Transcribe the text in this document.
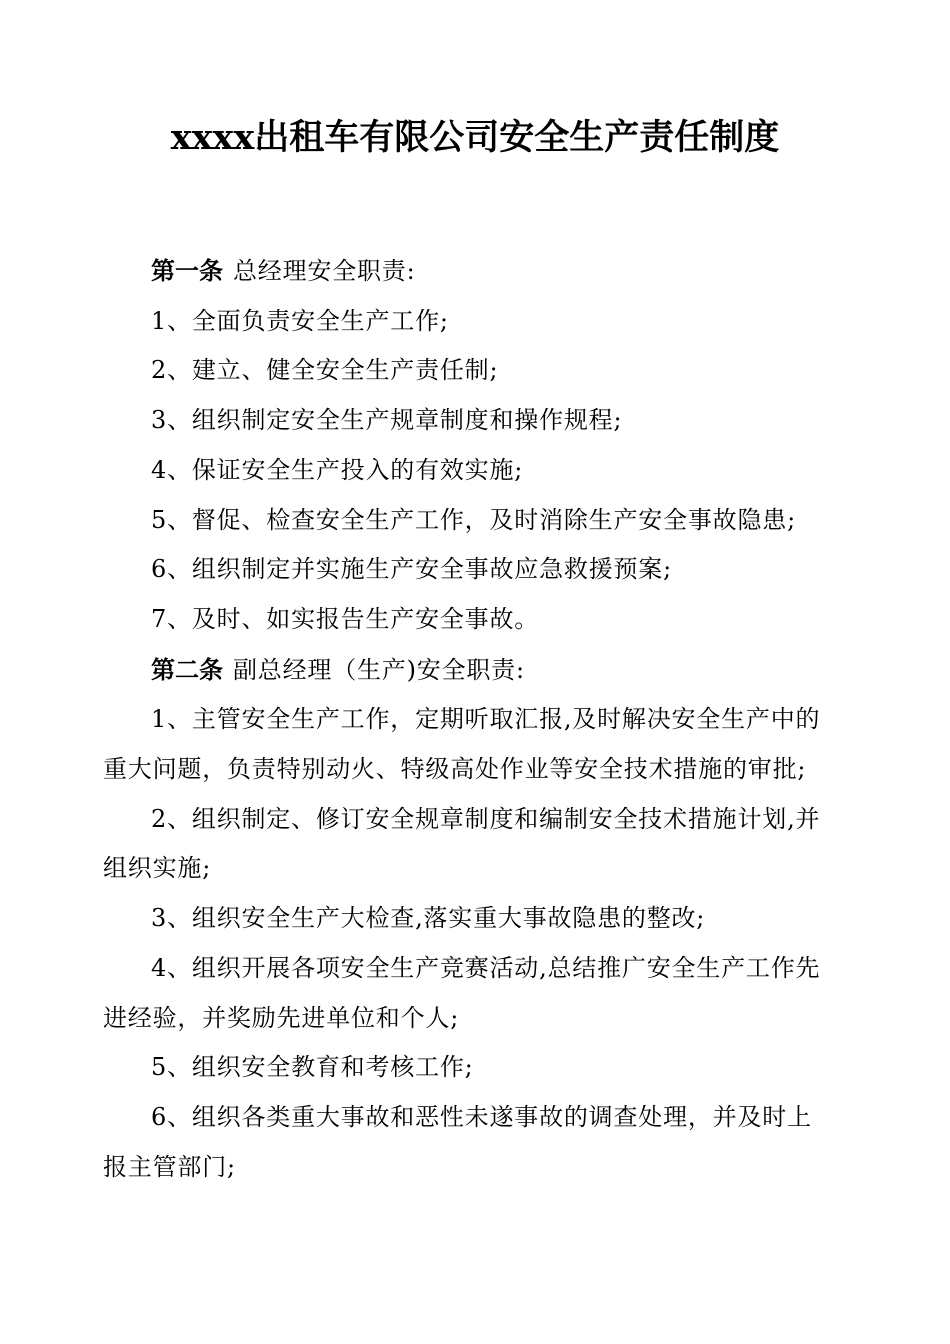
xxxx出租车有限公司安全生产责任制度

第一条 总经理安全职责:

1、全面负责安全生产工作;

2、建立、健全安全生产责任制;

3、组织制定安全生产规章制度和操作规程;

4、保证安全生产投入的有效实施;

5、督促、检查安全生产工作，及时消除生产安全事故隐患;

6、组织制定并实施生产安全事故应急救援预案;

7、及时、如实报告生产安全事故。

第二条 副总经理（生产)安全职责:

1、主管安全生产工作，定期听取汇报,及时解决安全生产中的

重大问题，负责特别动火、特级高处作业等安全技术措施的审批;

2、组织制定、修订安全规章制度和编制安全技术措施计划,并

组织实施;

3、组织安全生产大检查,落实重大事故隐患的整改;

4、组织开展各项安全生产竞赛活动,总结推广安全生产工作先

进经验，并奖励先进单位和个人;

5、组织安全教育和考核工作;

6、组织各类重大事故和恶性未遂事故的调查处理，并及时上

报主管部门;
